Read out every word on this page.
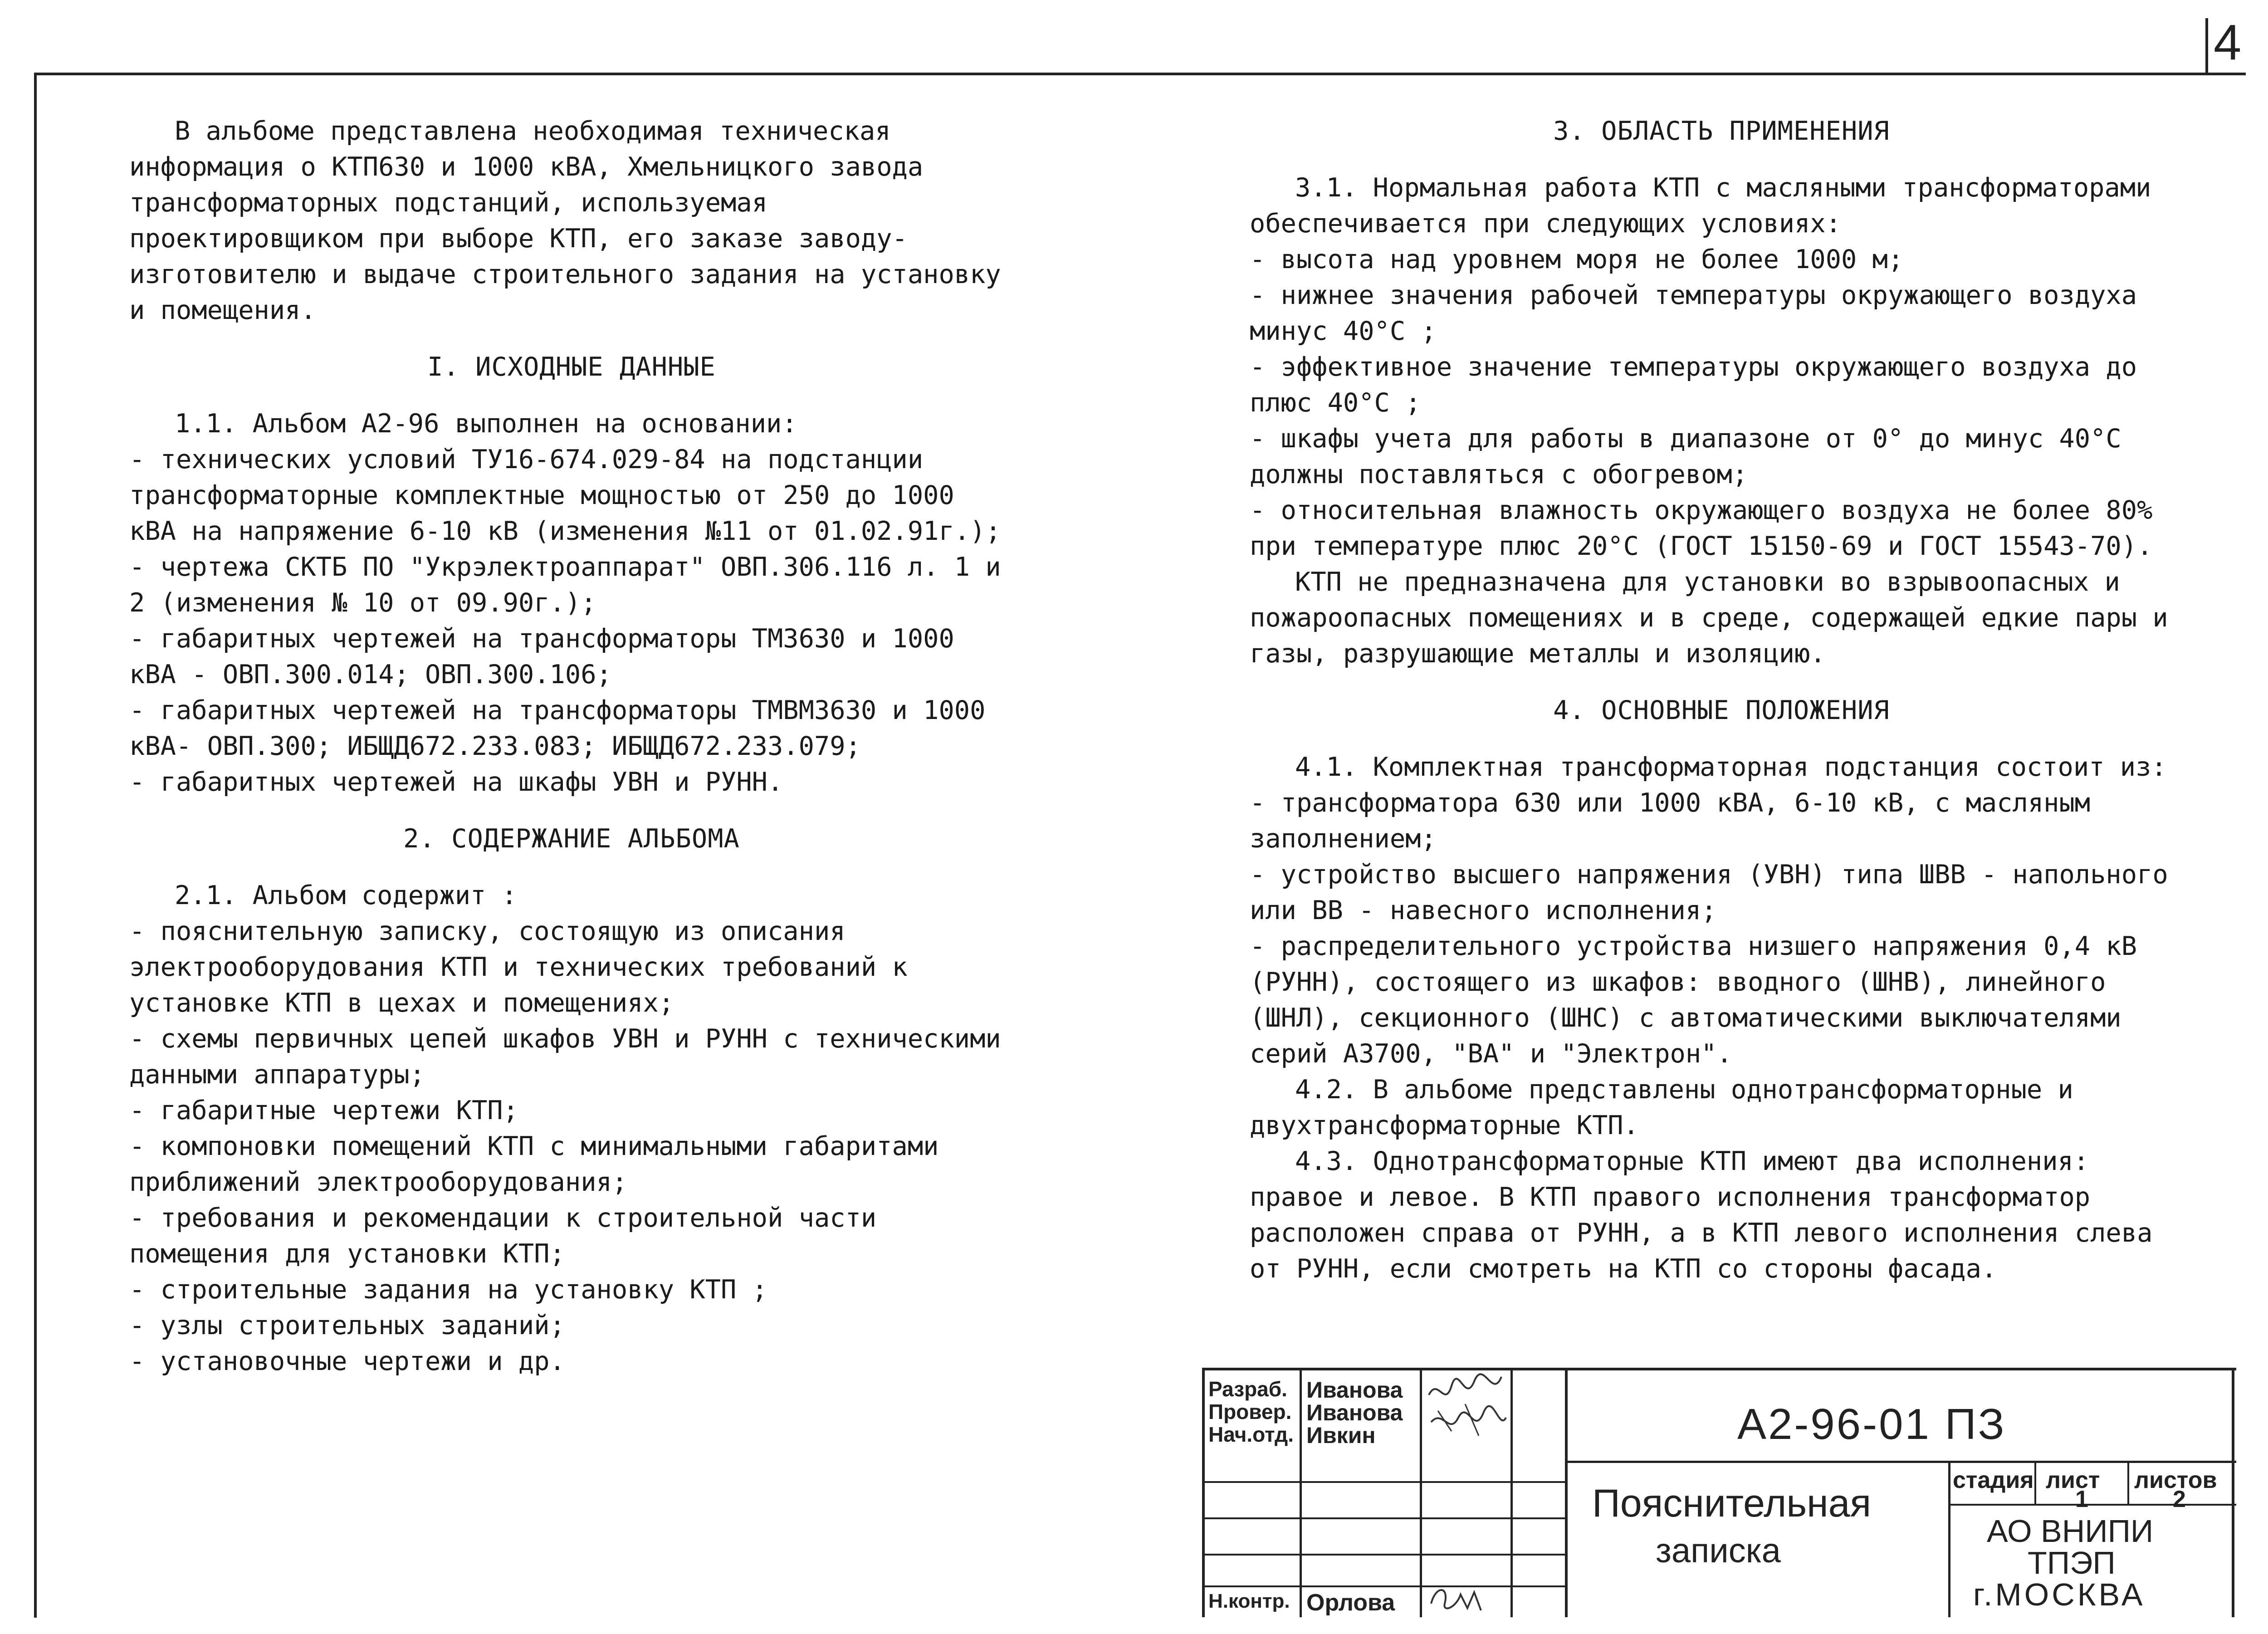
4

В альбоме представлена необходимая техническая информация о КТП630 и 1000 кВА, Хмельницкого завода трансформаторных подстанций, используемая проектировщиком при выборе КТП, его заказе заводу-изготовителю и выдаче строительного задания на установку и помещения.

I. ИСХОДНЫЕ ДАННЫЕ

1.1. Альбом А2-96 выполнен на основании:

- технических условий ТУ16-674.029-84 на подстанции трансформаторные комплектные мощностью от 250 до 1000 кВА на напряжение 6-10 кВ (изменения №11 от 01.02.91г.);

- чертежа СКТБ ПО "Укрэлектроаппарат" ОВП.306.116 л. 1 и 2 (изменения № 10 от 09.90г.);

- габаритных чертежей на трансформаторы ТМЗ630 и 1000 кВА - ОВП.300.014; ОВП.300.106;

- габаритных чертежей на трансформаторы ТМВМЗ630 и 1000 кВА- ОВП.300; ИБЩД672.233.083; ИБЩД672.233.079;

- габаритных чертежей на шкафы УВН и РУНН.

2. СОДЕРЖАНИЕ АЛЬБОМА

2.1. Альбом содержит :

- пояснительную записку, состоящую из описания электрооборудования КТП и технических требований к установке КТП в цехах и помещениях;

- схемы первичных цепей шкафов УВН и РУНН с техническими данными аппаратуры;

- габаритные чертежи КТП;

- компоновки помещений КТП с минимальными габаритами приближений электрооборудования;

- требования и рекомендации к строительной части помещения для установки КТП;

- строительные задания на установку КТП ;

- узлы строительных заданий;

- установочные чертежи и др.

3. ОБЛАСТЬ ПРИМЕНЕНИЯ

3.1. Нормальная работа КТП с масляными трансформаторами обеспечивается при следующих условиях:

- высота над уровнем моря не более 1000 м;

- нижнее значения рабочей температуры окружающего воздуха минус 40°С ;

- эффективное значение температуры окружающего воздуха до плюс 40°С ;

- шкафы учета для работы в диапазоне от 0° до минус 40°С должны поставляться с обогревом;

- относительная влажность окружающего воздуха не более 80% при температуре плюс 20°С (ГОСТ 15150-69 и ГОСТ 15543-70).

КТП не предназначена для установки во взрывоопасных и пожароопасных помещениях и в среде, содержащей едкие пары и газы, разрушающие металлы и изоляцию.

4. ОСНОВНЫЕ ПОЛОЖЕНИЯ

4.1. Комплектная трансформаторная подстанция состоит из:

- трансформатора 630 или 1000 кВА, 6-10 кВ, с масляным заполнением;

- устройство высшего напряжения (УВН) типа ШВВ - напольного или ВВ - навесного исполнения;

- распределительного устройства низшего напряжения 0,4 кВ (РУНН), состоящего из шкафов: вводного (ШНВ), линейного (ШНЛ), секционного (ШНС) с автоматическими выключателями серий А3700, "ВА" и "Электрон".

4.2. В альбоме представлены однотрансформаторные и двухтрансформаторные КТП.

4.3. Однотрансформаторные КТП имеют два исполнения: правое и левое. В КТП правого исполнения трансформатор расположен справа от РУНН, а в КТП левого исполнения слева от РУНН, если смотреть на КТП со стороны фасада.

Разраб.
Провер.
Нач.отд.
Н.контр.
Иванова
Иванова
Ивкин
Орлова
А2-96-01 ПЗ
Пояснительная
записка
стадия лист листов
1	2
АО ВНИПИ
ТПЭП
г.МОСКВА
